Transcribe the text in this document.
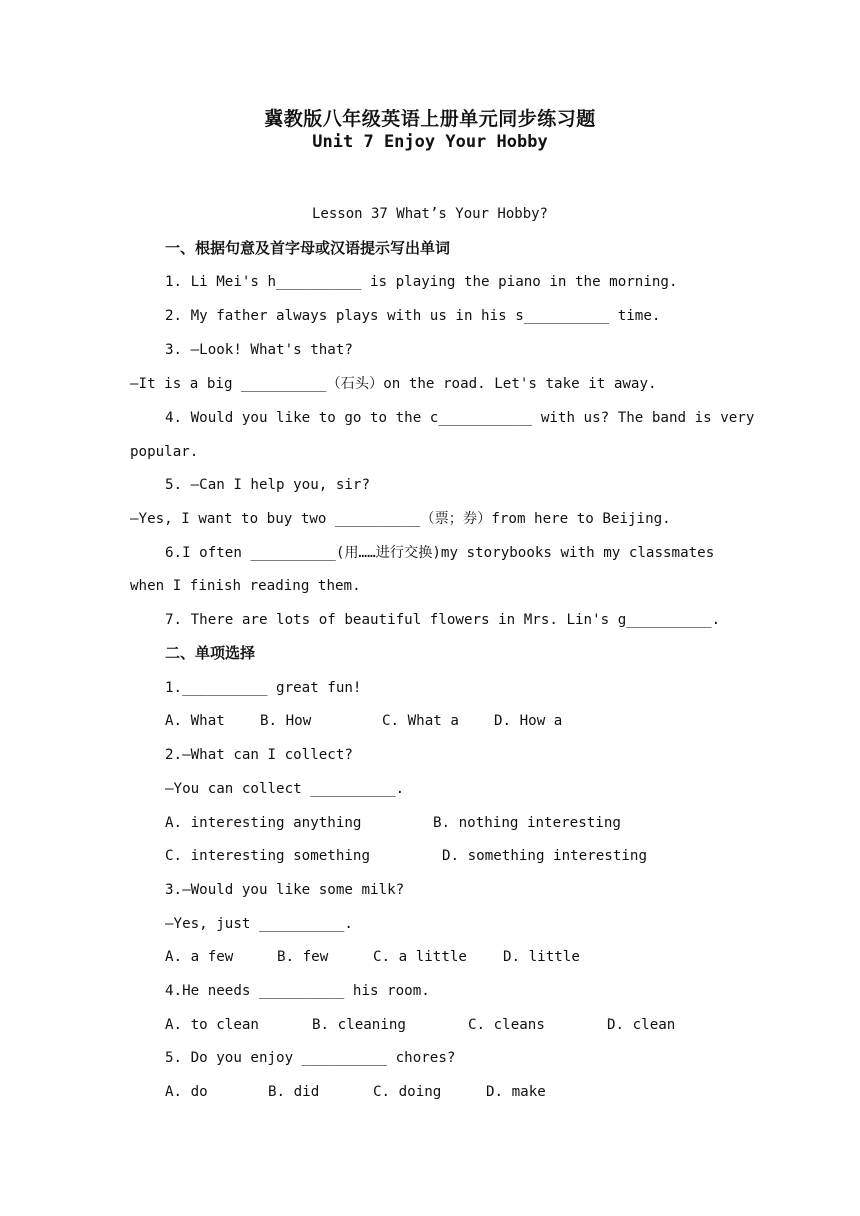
冀教版八年级英语上册单元同步练习题
Unit 7 Enjoy Your Hobby
Lesson 37 What’s Your Hobby?
一、根据句意及首字母或汉语提示写出单词
1. Li Mei's h__________ is playing the piano in the morning.
2. My father always plays with us in his s__________ time.
3. —Look! What's that?
—It is a big __________（石头）on the road. Let's take it away.
4. Would you like to go to the c___________ with us? The band is very
popular.
5. —Can I help you, sir?
—Yes, I want to buy two __________（票；券）from here to Beijing.
6.I often __________(用……进行交换)my storybooks with my classmates
when I finish reading them.
7. There are lots of beautiful flowers in Mrs. Lin's g__________.
二、单项选择
1.__________ great fun!
A. What B. How	C. What a D. How a
2.—What can I collect?
—You can collect __________.
A. interesting anything	B. nothing interesting
C. interesting something	D. something interesting
3.—Would you like some milk?
—Yes, just __________.
A. a few	B. few	C. a little	D. little
4.He needs __________ his room.
A. to clean	B. cleaning	C. cleans	D. clean
5. Do you enjoy __________ chores?
A. do	B. did	C. doing	D. make
